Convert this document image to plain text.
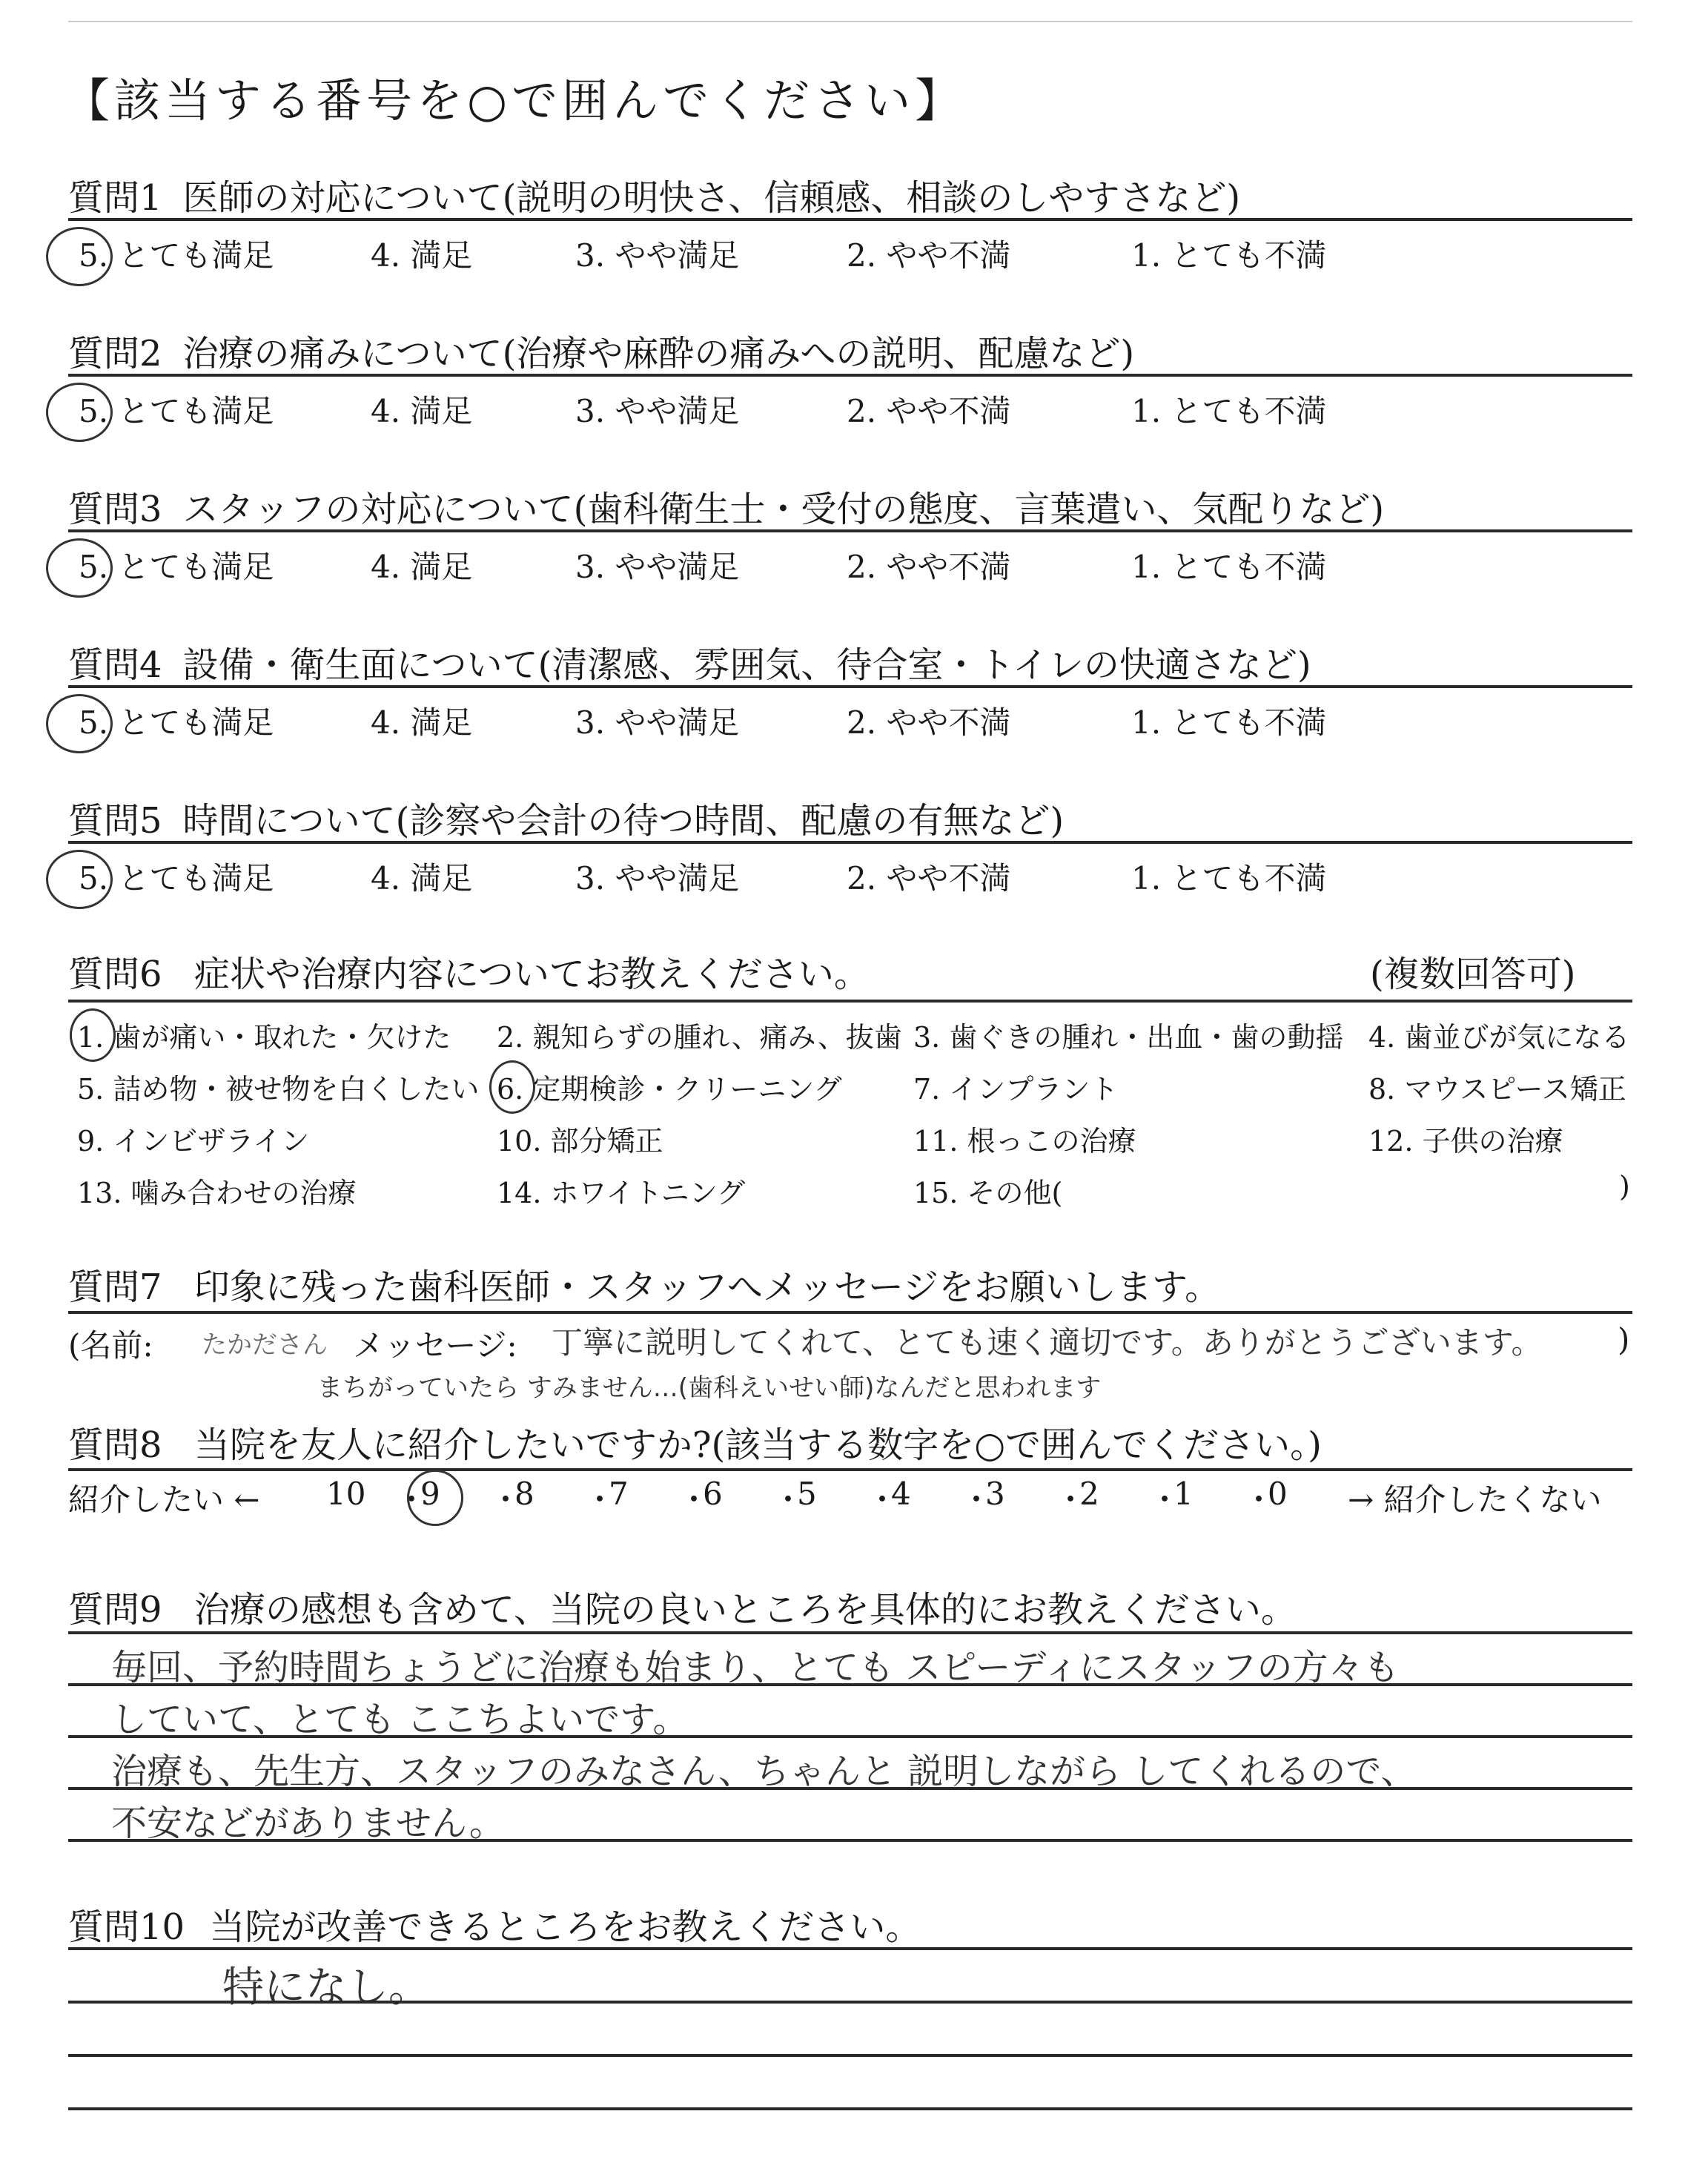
【該当する番号を○で囲んでください】
質問1 医師の対応について(説明の明快さ、信頼感、相談のしやすさなど)
5. とても満足	4. 満足	3. やや満足	2. やや不満	1. とても不満
質問2 治療の痛みについて(治療や麻酔の痛みへの説明、配慮など)
5. とても満足	4. 満足	3. やや満足	2. やや不満	1. とても不満
質問3 スタッフの対応について(歯科衛生士・受付の態度、言葉遣い、気配りなど)
5. とても満足	4. 満足	3. やや満足	2. やや不満	1. とても不満
質問4 設備・衛生面について(清潔感、雰囲気、待合室・トイレの快適さなど)
5. とても満足	4. 満足	3. やや満足	2. やや不満	1. とても不満
質問5 時間について(診察や会計の待つ時間、配慮の有無など)
5. とても満足	4. 満足	3. やや満足	2. やや不満	1. とても不満
質問6 症状や治療内容についてお教えください。	(複数回答可)
1. 歯が痛い・取れた・欠けた 2. 親知らずの腫れ、痛み、抜歯 3. 歯ぐきの腫れ・出血・歯の動揺 4. 歯並びが気になる
5. 詰め物・被せ物を白くしたい 6. 定期検診・クリーニング	7. インプラント	8. マウスピース矯正
9. インビザライン	10. 部分矯正	11. 根っこの治療	12. 子供の治療
13. 噛み合わせの治療	14. ホワイトニング	15. その他(	)
質問7 印象に残った歯科医師・スタッフへメッセージをお願いします。
(名前: たかださん メッセージ: 丁寧に説明してくれて、とても速く適切です。ありがとうございます。 )
まちがっていたら すみません…(歯科えいせい師)なんだと思われます
質問8 当院を友人に紹介したいですか?(該当する数字を○で囲んでください。)
紹介したい ← 10 ・
9 ・
8 ・
7 ・
6 ・
5 ・
4 ・
3 ・
2 ・
1 ・
0 → 紹介したくない
質問9 治療の感想も含めて、当院の良いところを具体的にお教えください。
毎回、予約時間ちょうどに治療も始まり、とても スピーディにスタッフの方々も
していて、とても ここちよいです。
治療も、先生方、スタッフのみなさん、ちゃんと 説明しながら してくれるので、
不安などがありません。
質問10 当院が改善できるところをお教えください。
特になし。
